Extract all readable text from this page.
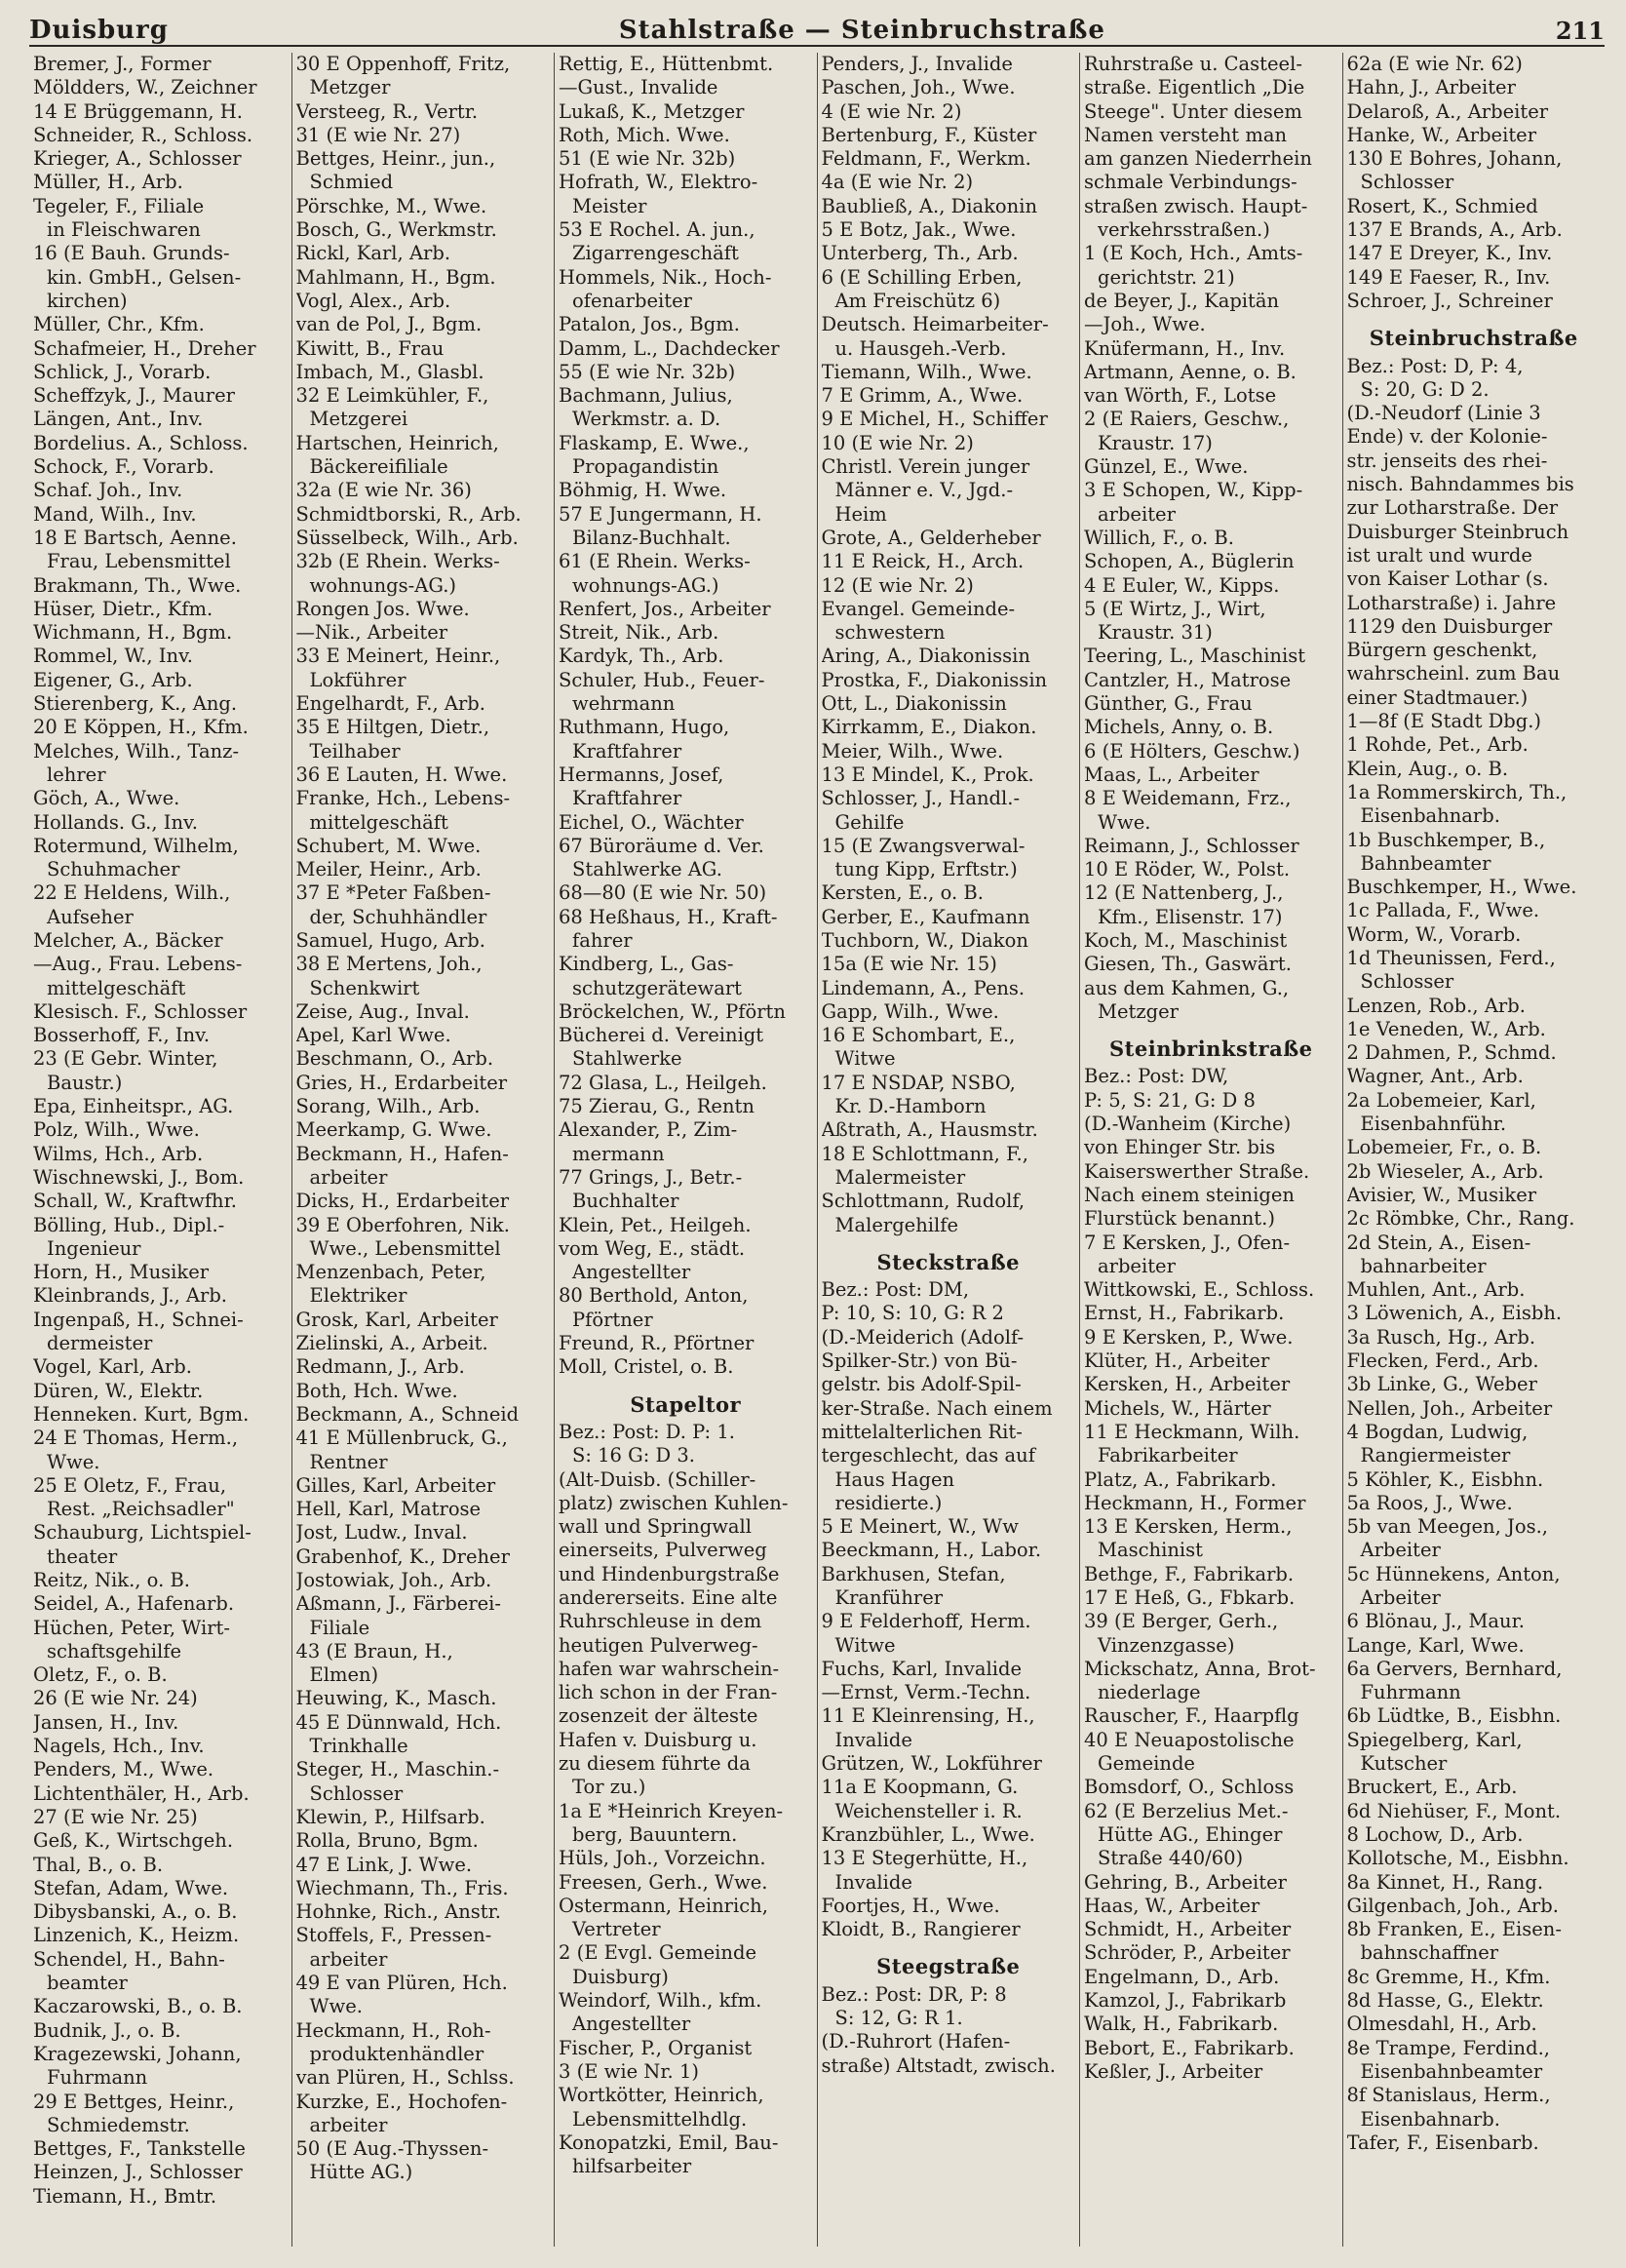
Duisburg	Stahlstraße — Steinbruchstraße	211
Bremer, J., Former
Möldders, W., Zeichner
14 E Brüggemann, H.
Schneider, R., Schloss.
Krieger, A., Schlosser
Müller, H., Arb.
Tegeler, F., Filiale
in Fleischwaren
16 (E Bauh. Grunds-
kin. GmbH., Gelsen-
kirchen)
Müller, Chr., Kfm.
Schafmeier, H., Dreher
Schlick, J., Vorarb.
Scheffzyk, J., Maurer
Längen, Ant., Inv.
Bordelius. A., Schloss.
Schock, F., Vorarb.
Schaf. Joh., Inv.
Mand, Wilh., Inv.
18 E Bartsch, Aenne.
Frau, Lebensmittel
Brakmann, Th., Wwe.
Hüser, Dietr., Kfm.
Wichmann, H., Bgm.
Rommel, W., Inv.
Eigener, G., Arb.
Stierenberg, K., Ang.
20 E Köppen, H., Kfm.
Melches, Wilh., Tanz-
lehrer
Göch, A., Wwe.
Hollands. G., Inv.
Rotermund, Wilhelm,
Schuhmacher
22 E Heldens, Wilh.,
Aufseher
Melcher, A., Bäcker
—Aug., Frau. Lebens-
mittelgeschäft
Klesisch. F., Schlosser
Bosserhoff, F., Inv.
23 (E Gebr. Winter,
Baustr.)
Epa, Einheitspr., AG.
Polz, Wilh., Wwe.
Wilms, Hch., Arb.
Wischnewski, J., Bom.
Schall, W., Kraftwfhr.
Bölling, Hub., Dipl.-
Ingenieur
Horn, H., Musiker
Kleinbrands, J., Arb.
Ingenpaß, H., Schnei-
dermeister
Vogel, Karl, Arb.
Düren, W., Elektr.
Henneken. Kurt, Bgm.
24 E Thomas, Herm.,
Wwe.
25 E Oletz, F., Frau,
Rest. „Reichsadler"
Schauburg, Lichtspiel-
theater
Reitz, Nik., o. B.
Seidel, A., Hafenarb.
Hüchen, Peter, Wirt-
schaftsgehilfe
Oletz, F., o. B.
26 (E wie Nr. 24)
Jansen, H., Inv.
Nagels, Hch., Inv.
Penders, M., Wwe.
Lichtenthäler, H., Arb.
27 (E wie Nr. 25)
Geß, K., Wirtschgeh.
Thal, B., o. B.
Stefan, Adam, Wwe.
Dibysbanski, A., o. B.
Linzenich, K., Heizm.
Schendel, H., Bahn-
beamter
Kaczarowski, B., o. B.
Budnik, J., o. B.
Kragezewski, Johann,
Fuhrmann
29 E Bettges, Heinr.,
Schmiedemstr.
Bettges, F., Tankstelle
Heinzen, J., Schlosser
Tiemann, H., Bmtr.
30 E Oppenhoff, Fritz,
Metzger
Versteeg, R., Vertr.
31 (E wie Nr. 27)
Bettges, Heinr., jun.,
Schmied
Pörschke, M., Wwe.
Bosch, G., Werkmstr.
Rickl, Karl, Arb.
Mahlmann, H., Bgm.
Vogl, Alex., Arb.
van de Pol, J., Bgm.
Kiwitt, B., Frau
Imbach, M., Glasbl.
32 E Leimkühler, F.,
Metzgerei
Hartschen, Heinrich,
Bäckereifiliale
32a (E wie Nr. 36)
Schmidtborski, R., Arb.
Süsselbeck, Wilh., Arb.
32b (E Rhein. Werks-
wohnungs-AG.)
Rongen Jos. Wwe.
—Nik., Arbeiter
33 E Meinert, Heinr.,
Lokführer
Engelhardt, F., Arb.
35 E Hiltgen, Dietr.,
Teilhaber
36 E Lauten, H. Wwe.
Franke, Hch., Lebens-
mittelgeschäft
Schubert, M. Wwe.
Meiler, Heinr., Arb.
37 E *Peter Faßben-
der, Schuhhändler
Samuel, Hugo, Arb.
38 E Mertens, Joh.,
Schenkwirt
Zeise, Aug., Inval.
Apel, Karl Wwe.
Beschmann, O., Arb.
Gries, H., Erdarbeiter
Sorang, Wilh., Arb.
Meerkamp, G. Wwe.
Beckmann, H., Hafen-
arbeiter
Dicks, H., Erdarbeiter
39 E Oberfohren, Nik.
Wwe., Lebensmittel
Menzenbach, Peter,
Elektriker
Grosk, Karl, Arbeiter
Zielinski, A., Arbeit.
Redmann, J., Arb.
Both, Hch. Wwe.
Beckmann, A., Schneid
41 E Müllenbruck, G.,
Rentner
Gilles, Karl, Arbeiter
Hell, Karl, Matrose
Jost, Ludw., Inval.
Grabenhof, K., Dreher
Jostowiak, Joh., Arb.
Aßmann, J., Färberei-
Filiale
43 (E Braun, H.,
Elmen)
Heuwing, K., Masch.
45 E Dünnwald, Hch.
Trinkhalle
Steger, H., Maschin.-
Schlosser
Klewin, P., Hilfsarb.
Rolla, Bruno, Bgm.
47 E Link, J. Wwe.
Wiechmann, Th., Fris.
Hohnke, Rich., Anstr.
Stoffels, F., Pressen-
arbeiter
49 E van Plüren, Hch.
Wwe.
Heckmann, H., Roh-
produktenhändler
van Plüren, H., Schlss.
Kurzke, E., Hochofen-
arbeiter
50 (E Aug.-Thyssen-
Hütte AG.)
Rettig, E., Hüttenbmt.
—Gust., Invalide
Lukaß, K., Metzger
Roth, Mich. Wwe.
51 (E wie Nr. 32b)
Hofrath, W., Elektro-
Meister
53 E Rochel. A. jun.,
Zigarrengeschäft
Hommels, Nik., Hoch-
ofenarbeiter
Patalon, Jos., Bgm.
Damm, L., Dachdecker
55 (E wie Nr. 32b)
Bachmann, Julius,
Werkmstr. a. D.
Flaskamp, E. Wwe.,
Propagandistin
Böhmig, H. Wwe.
57 E Jungermann, H.
Bilanz-Buchhalt.
61 (E Rhein. Werks-
wohnungs-AG.)
Renfert, Jos., Arbeiter
Streit, Nik., Arb.
Kardyk, Th., Arb.
Schuler, Hub., Feuer-
wehrmann
Ruthmann, Hugo,
Kraftfahrer
Hermanns, Josef,
Kraftfahrer
Eichel, O., Wächter
67 Büroräume d. Ver.
Stahlwerke AG.
68—80 (E wie Nr. 50)
68 Heßhaus, H., Kraft-
fahrer
Kindberg, L., Gas-
schutzgerätewart
Bröckelchen, W., Pförtn
Bücherei d. Vereinigt
Stahlwerke
72 Glasa, L., Heilgeh.
75 Zierau, G., Rentn
Alexander, P., Zim-
mermann
77 Grings, J., Betr.-
Buchhalter
Klein, Pet., Heilgeh.
vom Weg, E., städt.
Angestellter
80 Berthold, Anton,
Pförtner
Freund, R., Pförtner
Moll, Cristel, o. B.
Stapeltor
Bez.: Post: D. P: 1.
S: 16 G: D 3.
(Alt-Duisb. (Schiller-
platz) zwischen Kuhlen-
wall und Springwall
einerseits, Pulverweg
und Hindenburgstraße
andererseits. Eine alte
Ruhrschleuse in dem
heutigen Pulverweg-
hafen war wahrschein-
lich schon in der Fran-
zosenzeit der älteste
Hafen v. Duisburg u.
zu diesem führte da
Tor zu.)
1a E *Heinrich Kreyen-
berg, Bauuntern.
Hüls, Joh., Vorzeichn.
Freesen, Gerh., Wwe.
Ostermann, Heinrich,
Vertreter
2 (E Evgl. Gemeinde
Duisburg)
Weindorf, Wilh., kfm.
Angestellter
Fischer, P., Organist
3 (E wie Nr. 1)
Wortkötter, Heinrich,
Lebensmittelhdlg.
Konopatzki, Emil, Bau-
hilfsarbeiter
Penders, J., Invalide
Paschen, Joh., Wwe.
4 (E wie Nr. 2)
Bertenburg, F., Küster
Feldmann, F., Werkm.
4a (E wie Nr. 2)
Baubließ, A., Diakonin
5 E Botz, Jak., Wwe.
Unterberg, Th., Arb.
6 (E Schilling Erben,
Am Freischütz 6)
Deutsch. Heimarbeiter-
u. Hausgeh.-Verb.
Tiemann, Wilh., Wwe.
7 E Grimm, A., Wwe.
9 E Michel, H., Schiffer
10 (E wie Nr. 2)
Christl. Verein junger
Männer e. V., Jgd.-
Heim
Grote, A., Gelderheber
11 E Reick, H., Arch.
12 (E wie Nr. 2)
Evangel. Gemeinde-
schwestern
Aring, A., Diakonissin
Prostka, F., Diakonissin
Ott, L., Diakonissin
Kirrkamm, E., Diakon.
Meier, Wilh., Wwe.
13 E Mindel, K., Prok.
Schlosser, J., Handl.-
Gehilfe
15 (E Zwangsverwal-
tung Kipp, Erftstr.)
Kersten, E., o. B.
Gerber, E., Kaufmann
Tuchborn, W., Diakon
15a (E wie Nr. 15)
Lindemann, A., Pens.
Gapp, Wilh., Wwe.
16 E Schombart, E.,
Witwe
17 E NSDAP, NSBO,
Kr. D.-Hamborn
Aßtrath, A., Hausmstr.
18 E Schlottmann, F.,
Malermeister
Schlottmann, Rudolf,
Malergehilfe
Steckstraße
Bez.: Post: DM,
P: 10, S: 10, G: R 2
(D.-Meiderich (Adolf-
Spilker-Str.) von Bü-
gelstr. bis Adolf-Spil-
ker-Straße. Nach einem
mittelalterlichen Rit-
tergeschlecht, das auf
Haus Hagen
residierte.)
5 E Meinert, W., Ww
Beeckmann, H., Labor.
Barkhusen, Stefan,
Kranführer
9 E Felderhoff, Herm.
Witwe
Fuchs, Karl, Invalide
—Ernst, Verm.-Techn.
11 E Kleinrensing, H.,
Invalide
Grützen, W., Lokführer
11a E Koopmann, G.
Weichensteller i. R.
Kranzbühler, L., Wwe.
13 E Stegerhütte, H.,
Invalide
Foortjes, H., Wwe.
Kloidt, B., Rangierer
Steegstraße
Bez.: Post: DR, P: 8
S: 12, G: R 1.
(D.-Ruhrort (Hafen-
straße) Altstadt, zwisch.
Ruhrstraße u. Casteel-
straße. Eigentlich „Die
Steege". Unter diesem
Namen versteht man
am ganzen Niederrhein
schmale Verbindungs-
straßen zwisch. Haupt-
verkehrsstraßen.)
1 (E Koch, Hch., Amts-
gerichtstr. 21)
de Beyer, J., Kapitän
—Joh., Wwe.
Knüfermann, H., Inv.
Artmann, Aenne, o. B.
van Wörth, F., Lotse
2 (E Raiers, Geschw.,
Kraustr. 17)
Günzel, E., Wwe.
3 E Schopen, W., Kipp-
arbeiter
Willich, F., o. B.
Schopen, A., Büglerin
4 E Euler, W., Kipps.
5 (E Wirtz, J., Wirt,
Kraustr. 31)
Teering, L., Maschinist
Cantzler, H., Matrose
Günther, G., Frau
Michels, Anny, o. B.
6 (E Hölters, Geschw.)
Maas, L., Arbeiter
8 E Weidemann, Frz.,
Wwe.
Reimann, J., Schlosser
10 E Röder, W., Polst.
12 (E Nattenberg, J.,
Kfm., Elisenstr. 17)
Koch, M., Maschinist
Giesen, Th., Gaswärt.
aus dem Kahmen, G.,
Metzger
Steinbrinkstraße
Bez.: Post: DW,
P: 5, S: 21, G: D 8
(D.-Wanheim (Kirche)
von Ehinger Str. bis
Kaiserswerther Straße.
Nach einem steinigen
Flurstück benannt.)
7 E Kersken, J., Ofen-
arbeiter
Wittkowski, E., Schloss.
Ernst, H., Fabrikarb.
9 E Kersken, P., Wwe.
Klüter, H., Arbeiter
Kersken, H., Arbeiter
Michels, W., Härter
11 E Heckmann, Wilh.
Fabrikarbeiter
Platz, A., Fabrikarb.
Heckmann, H., Former
13 E Kersken, Herm.,
Maschinist
Bethge, F., Fabrikarb.
17 E Heß, G., Fbkarb.
39 (E Berger, Gerh.,
Vinzenzgasse)
Mickschatz, Anna, Brot-
niederlage
Rauscher, F., Haarpflg
40 E Neuapostolische
Gemeinde
Bomsdorf, O., Schloss
62 (E Berzelius Met.-
Hütte AG., Ehinger
Straße 440/60)
Gehring, B., Arbeiter
Haas, W., Arbeiter
Schmidt, H., Arbeiter
Schröder, P., Arbeiter
Engelmann, D., Arb.
Kamzol, J., Fabrikarb
Walk, H., Fabrikarb.
Bebort, E., Fabrikarb.
Keßler, J., Arbeiter
62a (E wie Nr. 62)
Hahn, J., Arbeiter
Delaroß, A., Arbeiter
Hanke, W., Arbeiter
130 E Bohres, Johann,
Schlosser
Rosert, K., Schmied
137 E Brands, A., Arb.
147 E Dreyer, K., Inv.
149 E Faeser, R., Inv.
Schroer, J., Schreiner
Steinbruchstraße
Bez.: Post: D, P: 4,
S: 20, G: D 2.
(D.-Neudorf (Linie 3
Ende) v. der Kolonie-
str. jenseits des rhei-
nisch. Bahndammes bis
zur Lotharstraße. Der
Duisburger Steinbruch
ist uralt und wurde
von Kaiser Lothar (s.
Lotharstraße) i. Jahre
1129 den Duisburger
Bürgern geschenkt,
wahrscheinl. zum Bau
einer Stadtmauer.)
1—8f (E Stadt Dbg.)
1 Rohde, Pet., Arb.
Klein, Aug., o. B.
1a Rommerskirch, Th.,
Eisenbahnarb.
1b Buschkemper, B.,
Bahnbeamter
Buschkemper, H., Wwe.
1c Pallada, F., Wwe.
Worm, W., Vorarb.
1d Theunissen, Ferd.,
Schlosser
Lenzen, Rob., Arb.
1e Veneden, W., Arb.
2 Dahmen, P., Schmd.
Wagner, Ant., Arb.
2a Lobemeier, Karl,
Eisenbahnführ.
Lobemeier, Fr., o. B.
2b Wieseler, A., Arb.
Avisier, W., Musiker
2c Römbke, Chr., Rang.
2d Stein, A., Eisen-
bahnarbeiter
Muhlen, Ant., Arb.
3 Löwenich, A., Eisbh.
3a Rusch, Hg., Arb.
Flecken, Ferd., Arb.
3b Linke, G., Weber
Nellen, Joh., Arbeiter
4 Bogdan, Ludwig,
Rangiermeister
5 Köhler, K., Eisbhn.
5a Roos, J., Wwe.
5b van Meegen, Jos.,
Arbeiter
5c Hünnekens, Anton,
Arbeiter
6 Blönau, J., Maur.
Lange, Karl, Wwe.
6a Gervers, Bernhard,
Fuhrmann
6b Lüdtke, B., Eisbhn.
Spiegelberg, Karl,
Kutscher
Bruckert, E., Arb.
6d Niehüser, F., Mont.
8 Lochow, D., Arb.
Kollotsche, M., Eisbhn.
8a Kinnet, H., Rang.
Gilgenbach, Joh., Arb.
8b Franken, E., Eisen-
bahnschaffner
8c Gremme, H., Kfm.
8d Hasse, G., Elektr.
Olmesdahl, H., Arb.
8e Trampe, Ferdind.,
Eisenbahnbeamter
8f Stanislaus, Herm.,
Eisenbahnarb.
Tafer, F., Eisenbarb.
